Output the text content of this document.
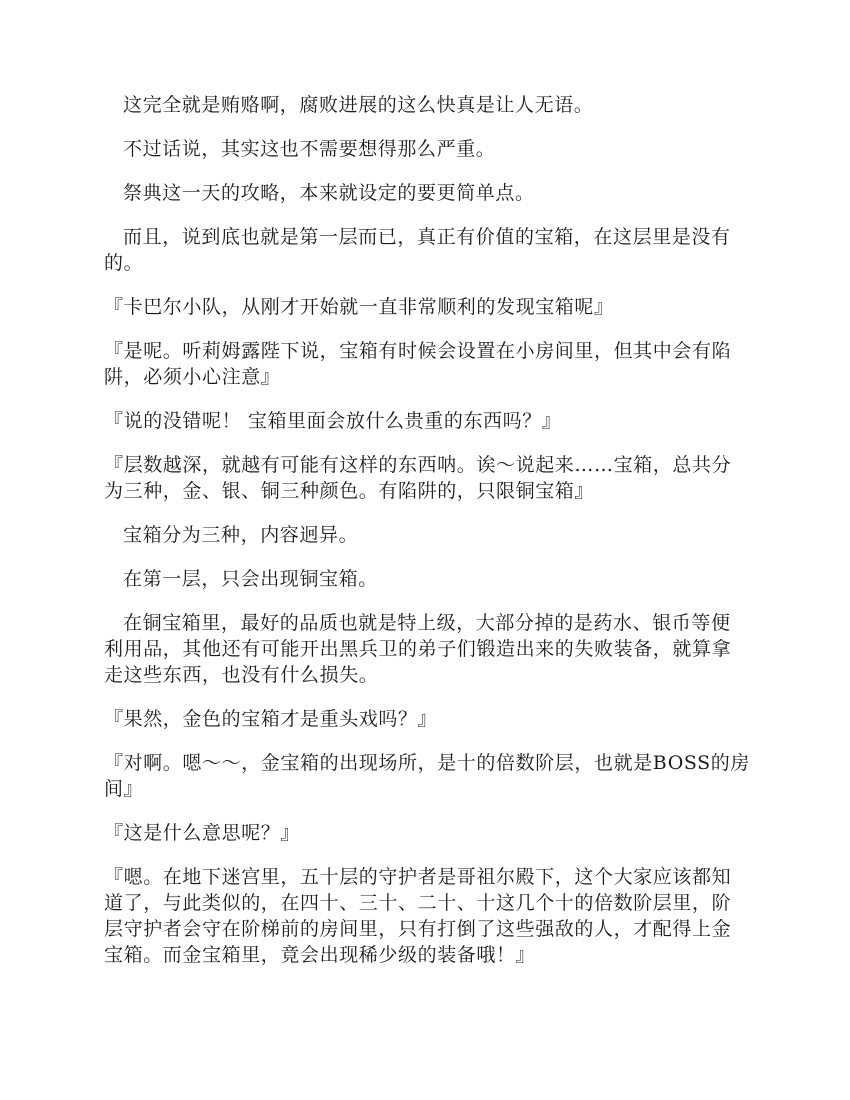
这完全就是贿赂啊，腐败进展的这么快真是让人无语。

不过话说，其实这也不需要想得那么严重。

祭典这一天的攻略，本来就设定的要更简单点。

而且，说到底也就是第一层而已，真正有价值的宝箱，在这层里是没有的。

『卡巴尔小队，从刚才开始就一直非常顺利的发现宝箱呢』

『是呢。听莉姆露陛下说，宝箱有时候会设置在小房间里，但其中会有陷阱，必须小心注意』

『说的没错呢！ 宝箱里面会放什么贵重的东西吗？』

『层数越深，就越有可能有这样的东西呐。诶～说起来……宝箱，总共分为三种，金、银、铜三种颜色。有陷阱的，只限铜宝箱』

宝箱分为三种，内容迥异。

在第一层，只会出现铜宝箱。

在铜宝箱里，最好的品质也就是特上级，大部分掉的是药水、银币等便利用品，其他还有可能开出黑兵卫的弟子们锻造出来的失败装备，就算拿走这些东西，也没有什么损失。

『果然，金色的宝箱才是重头戏吗？』

『对啊。嗯～～，金宝箱的出现场所，是十的倍数阶层，也就是BOSS的房间』

『这是什么意思呢？』

『嗯。在地下迷宫里，五十层的守护者是哥祖尔殿下，这个大家应该都知道了，与此类似的，在四十、三十、二十、十这几个十的倍数阶层里，阶层守护者会守在阶梯前的房间里，只有打倒了这些强敌的人，才配得上金宝箱。而金宝箱里，竟会出现稀少级的装备哦！』
